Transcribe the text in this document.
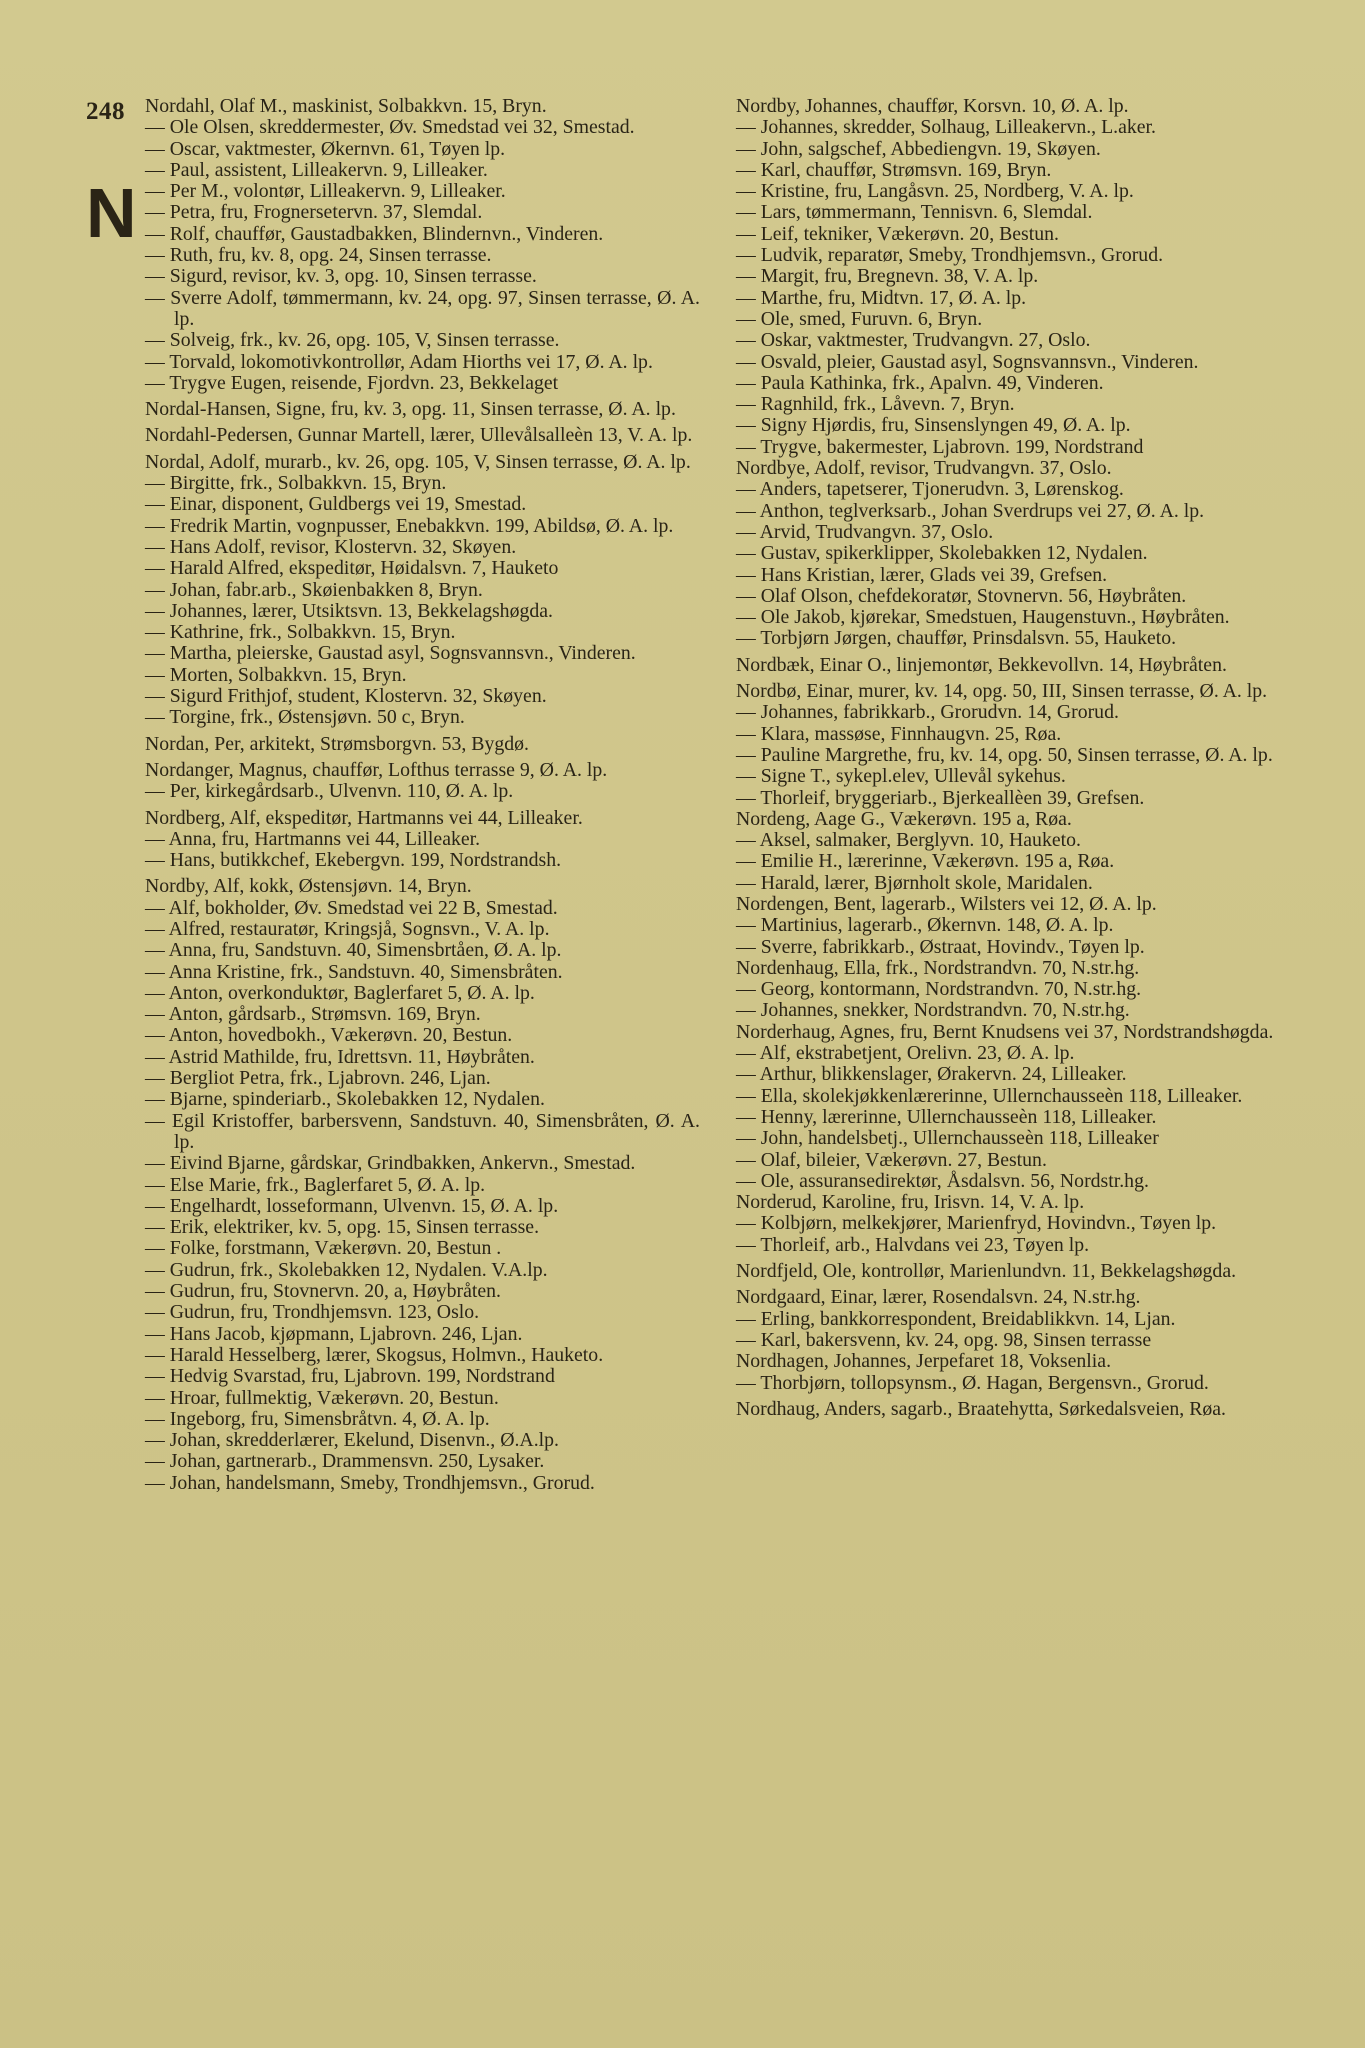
248
N
Nordahl, Olaf M., maskinist, Solbakkvn. 15, Bryn.
— Ole Olsen, skreddermester, Øv. Smedstad vei 32, Smestad.
— Oscar, vaktmester, Økernvn. 61, Tøyen lp.
— Paul, assistent, Lilleakervn. 9, Lilleaker.
— Per M., volontør, Lilleakervn. 9, Lilleaker.
— Petra, fru, Frognersetervn. 37, Slemdal.
— Rolf, chauffør, Gaustadbakken, Blindernvn., Vinderen.
— Ruth, fru, kv. 8, opg. 24, Sinsen terrasse.
— Sigurd, revisor, kv. 3, opg. 10, Sinsen terrasse.
— Sverre Adolf, tømmermann, kv. 24, opg. 97, Sinsen terrasse, Ø. A. lp.
— Solveig, frk., kv. 26, opg. 105, V, Sinsen terrasse.
— Torvald, lokomotivkontrollør, Adam Hiorths vei 17, Ø. A. lp.
— Trygve Eugen, reisende, Fjordvn. 23, Bekkelaget
Nordal-Hansen, Signe, fru, kv. 3, opg. 11, Sinsen terrasse, Ø. A. lp.
Nordahl-Pedersen, Gunnar Martell, lærer, Ullevålsalleèn 13, V. A. lp.
Nordal, Adolf, murarb., kv. 26, opg. 105, V, Sinsen terrasse, Ø. A. lp.
— Birgitte, frk., Solbakkvn. 15, Bryn.
— Einar, disponent, Guldbergs vei 19, Smestad.
— Fredrik Martin, vognpusser, Enebakkvn. 199, Abildsø, Ø. A. lp.
— Hans Adolf, revisor, Klostervn. 32, Skøyen.
— Harald Alfred, ekspeditør, Høidalsvn. 7, Hauketo
— Johan, fabr.arb., Skøienbakken 8, Bryn.
— Johannes, lærer, Utsiktsvn. 13, Bekkelagshøgda.
— Kathrine, frk., Solbakkvn. 15, Bryn.
— Martha, pleierske, Gaustad asyl, Sognsvannsvn., Vinderen.
— Morten, Solbakkvn. 15, Bryn.
— Sigurd Frithjof, student, Klostervn. 32, Skøyen.
— Torgine, frk., Østensjøvn. 50 c, Bryn.
Nordan, Per, arkitekt, Strømsborgvn. 53, Bygdø.
Nordanger, Magnus, chauffør, Lofthus terrasse 9, Ø. A. lp.
— Per, kirkegårdsarb., Ulvenvn. 110, Ø. A. lp.
Nordberg, Alf, ekspeditør, Hartmanns vei 44, Lilleaker.
— Anna, fru, Hartmanns vei 44, Lilleaker.
— Hans, butikkchef, Ekebergvn. 199, Nordstrandsh.
Nordby, Alf, kokk, Østensjøvn. 14, Bryn.
— Alf, bokholder, Øv. Smedstad vei 22 B, Smestad.
— Alfred, restauratør, Kringsjå, Sognsvn., V. A. lp.
— Anna, fru, Sandstuvn. 40, Simensbrtåen, Ø. A. lp.
— Anna Kristine, frk., Sandstuvn. 40, Simensbråten.
— Anton, overkonduktør, Baglerfaret 5, Ø. A. lp.
— Anton, gårdsarb., Strømsvn. 169, Bryn.
— Anton, hovedbokh., Vækerøvn. 20, Bestun.
— Astrid Mathilde, fru, Idrettsvn. 11, Høybråten.
— Bergliot Petra, frk., Ljabrovn. 246, Ljan.
— Bjarne, spinderiarb., Skolebakken 12, Nydalen.
— Egil Kristoffer, barbersvenn, Sandstuvn. 40, Simensbråten, Ø. A. lp.
— Eivind Bjarne, gårdskar, Grindbakken, Ankervn., Smestad.
— Else Marie, frk., Baglerfaret 5, Ø. A. lp.
— Engelhardt, losseformann, Ulvenvn. 15, Ø. A. lp.
— Erik, elektriker, kv. 5, opg. 15, Sinsen terrasse.
— Folke, forstmann, Vækerøvn. 20, Bestun .
— Gudrun, frk., Skolebakken 12, Nydalen. V.A.lp.
— Gudrun, fru, Stovnervn. 20, a, Høybråten.
— Gudrun, fru, Trondhjemsvn. 123, Oslo.
— Hans Jacob, kjøpmann, Ljabrovn. 246, Ljan.
— Harald Hesselberg, lærer, Skogsus, Holmvn., Hauketo.
— Hedvig Svarstad, fru, Ljabrovn. 199, Nordstrand
— Hroar, fullmektig, Vækerøvn. 20, Bestun.
— Ingeborg, fru, Simensbråtvn. 4, Ø. A. lp.
— Johan, skredderlærer, Ekelund, Disenvn., Ø.A.lp.
— Johan, gartnerarb., Drammensvn. 250, Lysaker.
— Johan, handelsmann, Smeby, Trondhjemsvn., Grorud.
Nordby, Johannes, chauffør, Korsvn. 10, Ø. A. lp.
— Johannes, skredder, Solhaug, Lilleakervn., L.aker.
— John, salgschef, Abbediengvn. 19, Skøyen.
— Karl, chauffør, Strømsvn. 169, Bryn.
— Kristine, fru, Langåsvn. 25, Nordberg, V. A. lp.
— Lars, tømmermann, Tennisvn. 6, Slemdal.
— Leif, tekniker, Vækerøvn. 20, Bestun.
— Ludvik, reparatør, Smeby, Trondhjemsvn., Grorud.
— Margit, fru, Bregnevn. 38, V. A. lp.
— Marthe, fru, Midtvn. 17, Ø. A. lp.
— Ole, smed, Furuvn. 6, Bryn.
— Oskar, vaktmester, Trudvangvn. 27, Oslo.
— Osvald, pleier, Gaustad asyl, Sognsvannsvn., Vinderen.
— Paula Kathinka, frk., Apalvn. 49, Vinderen.
— Ragnhild, frk., Låvevn. 7, Bryn.
— Signy Hjørdis, fru, Sinsenslyngen 49, Ø. A. lp.
— Trygve, bakermester, Ljabrovn. 199, Nordstrand
Nordbye, Adolf, revisor, Trudvangvn. 37, Oslo.
— Anders, tapetserer, Tjonerudvn. 3, Lørenskog.
— Anthon, teglverksarb., Johan Sverdrups vei 27, Ø. A. lp.
— Arvid, Trudvangvn. 37, Oslo.
— Gustav, spikerklipper, Skolebakken 12, Nydalen.
— Hans Kristian, lærer, Glads vei 39, Grefsen.
— Olaf Olson, chefdekoratør, Stovnervn. 56, Høybråten.
— Ole Jakob, kjørekar, Smedstuen, Haugenstuvn., Høybråten.
— Torbjørn Jørgen, chauffør, Prinsdalsvn. 55, Hauketo.
Nordbæk, Einar O., linjemontør, Bekkevollvn. 14, Høybråten.
Nordbø, Einar, murer, kv. 14, opg. 50, III, Sinsen terrasse, Ø. A. lp.
— Johannes, fabrikkarb., Grorudvn. 14, Grorud.
— Klara, massøse, Finnhaugvn. 25, Røa.
— Pauline Margrethe, fru, kv. 14, opg. 50, Sinsen terrasse, Ø. A. lp.
— Signe T., sykepl.elev, Ullevål sykehus.
— Thorleif, bryggeriarb., Bjerkeallèen 39, Grefsen.
Nordeng, Aage G., Vækerøvn. 195 a, Røa.
— Aksel, salmaker, Berglyvn. 10, Hauketo.
— Emilie H., lærerinne, Vækerøvn. 195 a, Røa.
— Harald, lærer, Bjørnholt skole, Maridalen.
Nordengen, Bent, lagerarb., Wilsters vei 12, Ø. A. lp.
— Martinius, lagerarb., Økernvn. 148, Ø. A. lp.
— Sverre, fabrikkarb., Østraat, Hovindv., Tøyen lp.
Nordenhaug, Ella, frk., Nordstrandvn. 70, N.str.hg.
— Georg, kontormann, Nordstrandvn. 70, N.str.hg.
— Johannes, snekker, Nordstrandvn. 70, N.str.hg.
Norderhaug, Agnes, fru, Bernt Knudsens vei 37, Nordstrandshøgda.
— Alf, ekstrabetjent, Orelivn. 23, Ø. A. lp.
— Arthur, blikkenslager, Ørakervn. 24, Lilleaker.
— Ella, skolekjøkkenlærerinne, Ullernchausseèn 118, Lilleaker.
— Henny, lærerinne, Ullernchausseèn 118, Lilleaker.
— John, handelsbetj., Ullernchausseèn 118, Lilleaker
— Olaf, bileier, Vækerøvn. 27, Bestun.
— Ole, assuransedirektør, Åsdalsvn. 56, Nordstr.hg.
Norderud, Karoline, fru, Irisvn. 14, V. A. lp.
— Kolbjørn, melkekjører, Marienfryd, Hovindvn., Tøyen lp.
— Thorleif, arb., Halvdans vei 23, Tøyen lp.
Nordfjeld, Ole, kontrollør, Marienlundvn. 11, Bekkelagshøgda.
Nordgaard, Einar, lærer, Rosendalsvn. 24, N.str.hg.
— Erling, bankkorrespondent, Breidablikkvn. 14, Ljan.
— Karl, bakersvenn, kv. 24, opg. 98, Sinsen terrasse
Nordhagen, Johannes, Jerpefaret 18, Voksenlia.
— Thorbjørn, tollopsynsm., Ø. Hagan, Bergensvn., Grorud.
Nordhaug, Anders, sagarb., Braatehytta, Sørkedalsveien, Røa.
